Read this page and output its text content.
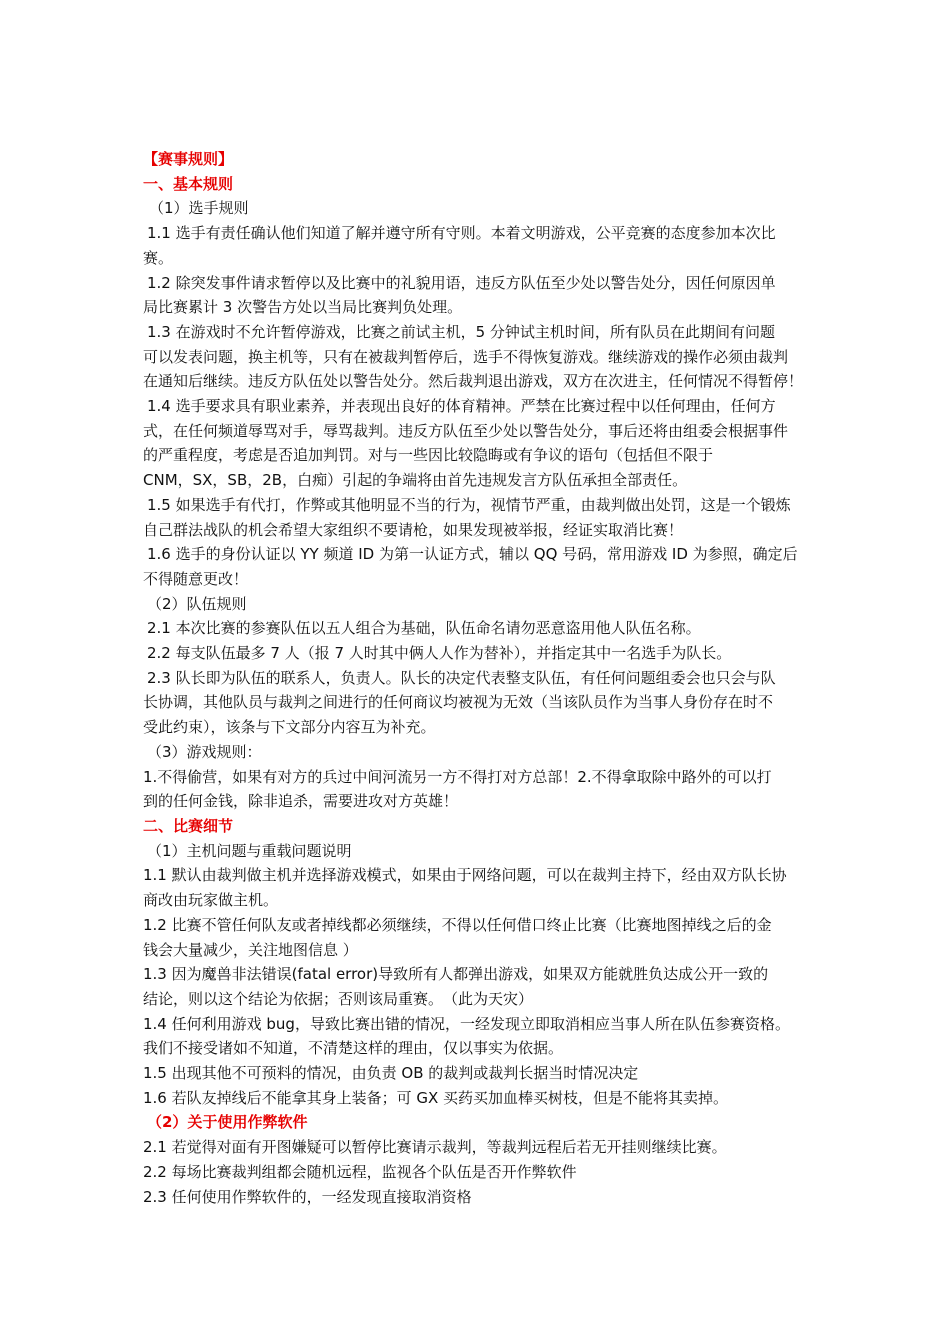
【赛事规则】
一、基本规则
（1）选手规则
1.1 选手有责任确认他们知道了解并遵守所有守则。本着文明游戏，公平竞赛的态度参加本次比
赛。
1.2 除突发事件请求暂停以及比赛中的礼貌用语，违反方队伍至少处以警告处分，因任何原因单
局比赛累计 3 次警告方处以当局比赛判负处理。
1.3 在游戏时不允许暂停游戏，比赛之前试主机，5 分钟试主机时间，所有队员在此期间有问题
可以发表问题，换主机等，只有在被裁判暂停后，选手不得恢复游戏。继续游戏的操作必须由裁判
在通知后继续。违反方队伍处以警告处分。然后裁判退出游戏，双方在次进主，任何情况不得暂停！
1.4 选手要求具有职业素养，并表现出良好的体育精神。严禁在比赛过程中以任何理由，任何方
式，在任何频道辱骂对手，辱骂裁判。违反方队伍至少处以警告处分，事后还将由组委会根据事件
的严重程度，考虑是否追加判罚。对与一些因比较隐晦或有争议的语句（包括但不限于
CNM，SX，SB，2B，白痴）引起的争端将由首先违规发言方队伍承担全部责任。
1.5 如果选手有代打，作弊或其他明显不当的行为，视情节严重，由裁判做出处罚，这是一个锻炼
自己群法战队的机会希望大家组织不要请枪，如果发现被举报，经证实取消比赛！
1.6 选手的身份认证以 YY 频道 ID 为第一认证方式，辅以 QQ 号码，常用游戏 ID 为参照，确定后
不得随意更改！
（2）队伍规则
2.1 本次比赛的参赛队伍以五人组合为基础，队伍命名请勿恶意盗用他人队伍名称。
2.2 每支队伍最多 7 人（报 7 人时其中俩人人作为替补），并指定其中一名选手为队长。
2.3 队长即为队伍的联系人，负责人。队长的决定代表整支队伍，有任何问题组委会也只会与队
长协调，其他队员与裁判之间进行的任何商议均被视为无效（当该队员作为当事人身份存在时不
受此约束），该条与下文部分内容互为补充。
（3）游戏规则：
1.不得偷营，如果有对方的兵过中间河流另一方不得打对方总部！2.不得拿取除中路外的可以打
到的任何金钱，除非追杀，需要进攻对方英雄！
二、比赛细节
（1）主机问题与重载问题说明
1.1 默认由裁判做主机并选择游戏模式，如果由于网络问题，可以在裁判主持下，经由双方队长协
商改由玩家做主机。
1.2 比赛不管任何队友或者掉线都必须继续，不得以任何借口终止比赛（比赛地图掉线之后的金
钱会大量减少，关注地图信息 ）
1.3 因为魔兽非法错误(fatal error)导致所有人都弹出游戏，如果双方能就胜负达成公开一致的
结论，则以这个结论为依据；否则该局重赛。　（此为天灾）
1.4 任何利用游戏 bug，导致比赛出错的情况，一经发现立即取消相应当事人所在队伍参赛资格。
我们不接受诸如不知道，不清楚这样的理由，仅以事实为依据。
1.5 出现其他不可预料的情况，由负责 OB 的裁判或裁判长据当时情况决定
1.6 若队友掉线后不能拿其身上装备；可 GX 买药买加血棒买树枝，但是不能将其卖掉。
（2）关于使用作弊软件
2.1 若觉得对面有开图嫌疑可以暂停比赛请示裁判，等裁判远程后若无开挂则继续比赛。
2.2 每场比赛裁判组都会随机远程，监视各个队伍是否开作弊软件
2.3 任何使用作弊软件的，一经发现直接取消资格
